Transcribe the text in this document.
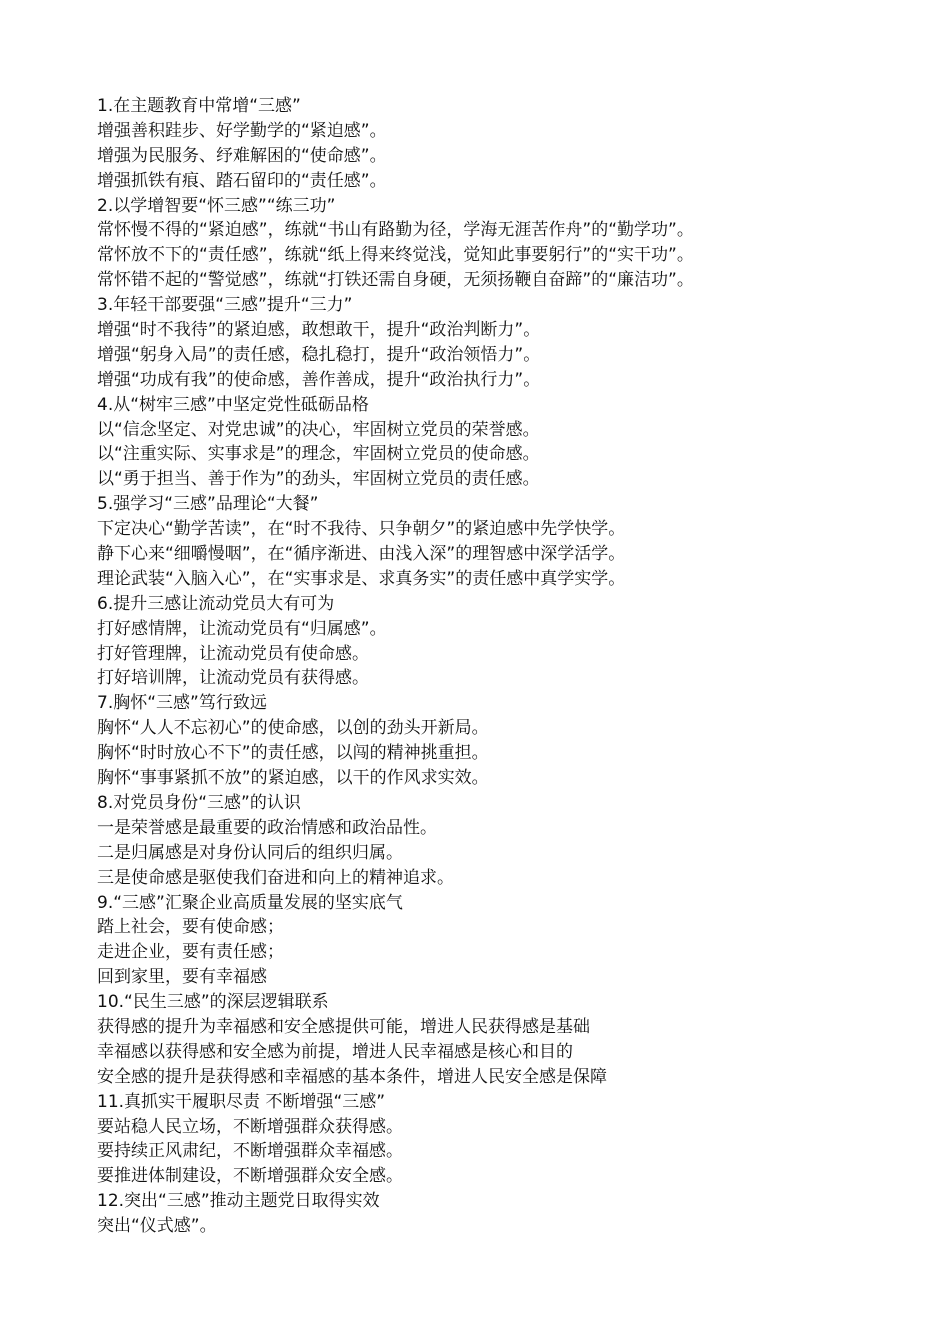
1.在主题教育中常增“三感”
增强善积跬步、好学勤学的“紧迫感”。
增强为民服务、纾难解困的“使命感”。
增强抓铁有痕、踏石留印的“责任感”。
2.以学增智要“怀三感”“练三功”
常怀慢不得的“紧迫感”，练就“书山有路勤为径，学海无涯苦作舟”的“勤学功”。
常怀放不下的“责任感”，练就“纸上得来终觉浅，觉知此事要躬行”的“实干功”。
常怀错不起的“警觉感”，练就“打铁还需自身硬，无须扬鞭自奋蹄”的“廉洁功”。
3.年轻干部要强“三感”提升“三力”
增强“时不我待”的紧迫感，敢想敢干，提升“政治判断力”。
增强“躬身入局”的责任感，稳扎稳打，提升“政治领悟力”。
增强“功成有我”的使命感，善作善成，提升“政治执行力”。
4.从“树牢三感”中坚定党性砥砺品格
以“信念坚定、对党忠诚”的决心，牢固树立党员的荣誉感。
以“注重实际、实事求是”的理念，牢固树立党员的使命感。
以“勇于担当、善于作为”的劲头，牢固树立党员的责任感。
5.强学习“三感”品理论“大餐”
下定决心“勤学苦读”，在“时不我待、只争朝夕”的紧迫感中先学快学。
静下心来“细嚼慢咽”，在“循序渐进、由浅入深”的理智感中深学活学。
理论武装“入脑入心”，在“实事求是、求真务实”的责任感中真学实学。
6.提升三感让流动党员大有可为
打好感情牌，让流动党员有“归属感”。
打好管理牌，让流动党员有使命感。
打好培训牌，让流动党员有获得感。
7.胸怀“三感”笃行致远
胸怀“人人不忘初心”的使命感，以创的劲头开新局。
胸怀“时时放心不下”的责任感，以闯的精神挑重担。
胸怀“事事紧抓不放”的紧迫感，以干的作风求实效。
8.对党员身份“三感”的认识
一是荣誉感是最重要的政治情感和政治品性。
二是归属感是对身份认同后的组织归属。
三是使命感是驱使我们奋进和向上的精神追求。
9.“三感”汇聚企业高质量发展的坚实底气
踏上社会，要有使命感；
走进企业，要有责任感；
回到家里，要有幸福感
10.“民生三感”的深层逻辑联系
获得感的提升为幸福感和安全感提供可能，增进人民获得感是基础
幸福感以获得感和安全感为前提，增进人民幸福感是核心和目的
安全感的提升是获得感和幸福感的基本条件，增进人民安全感是保障
11.真抓实干履职尽责 不断增强“三感”
要站稳人民立场，不断增强群众获得感。
要持续正风肃纪，不断增强群众幸福感。
要推进体制建设，不断增强群众安全感。
12.突出“三感”推动主题党日取得实效
突出“仪式感”。
